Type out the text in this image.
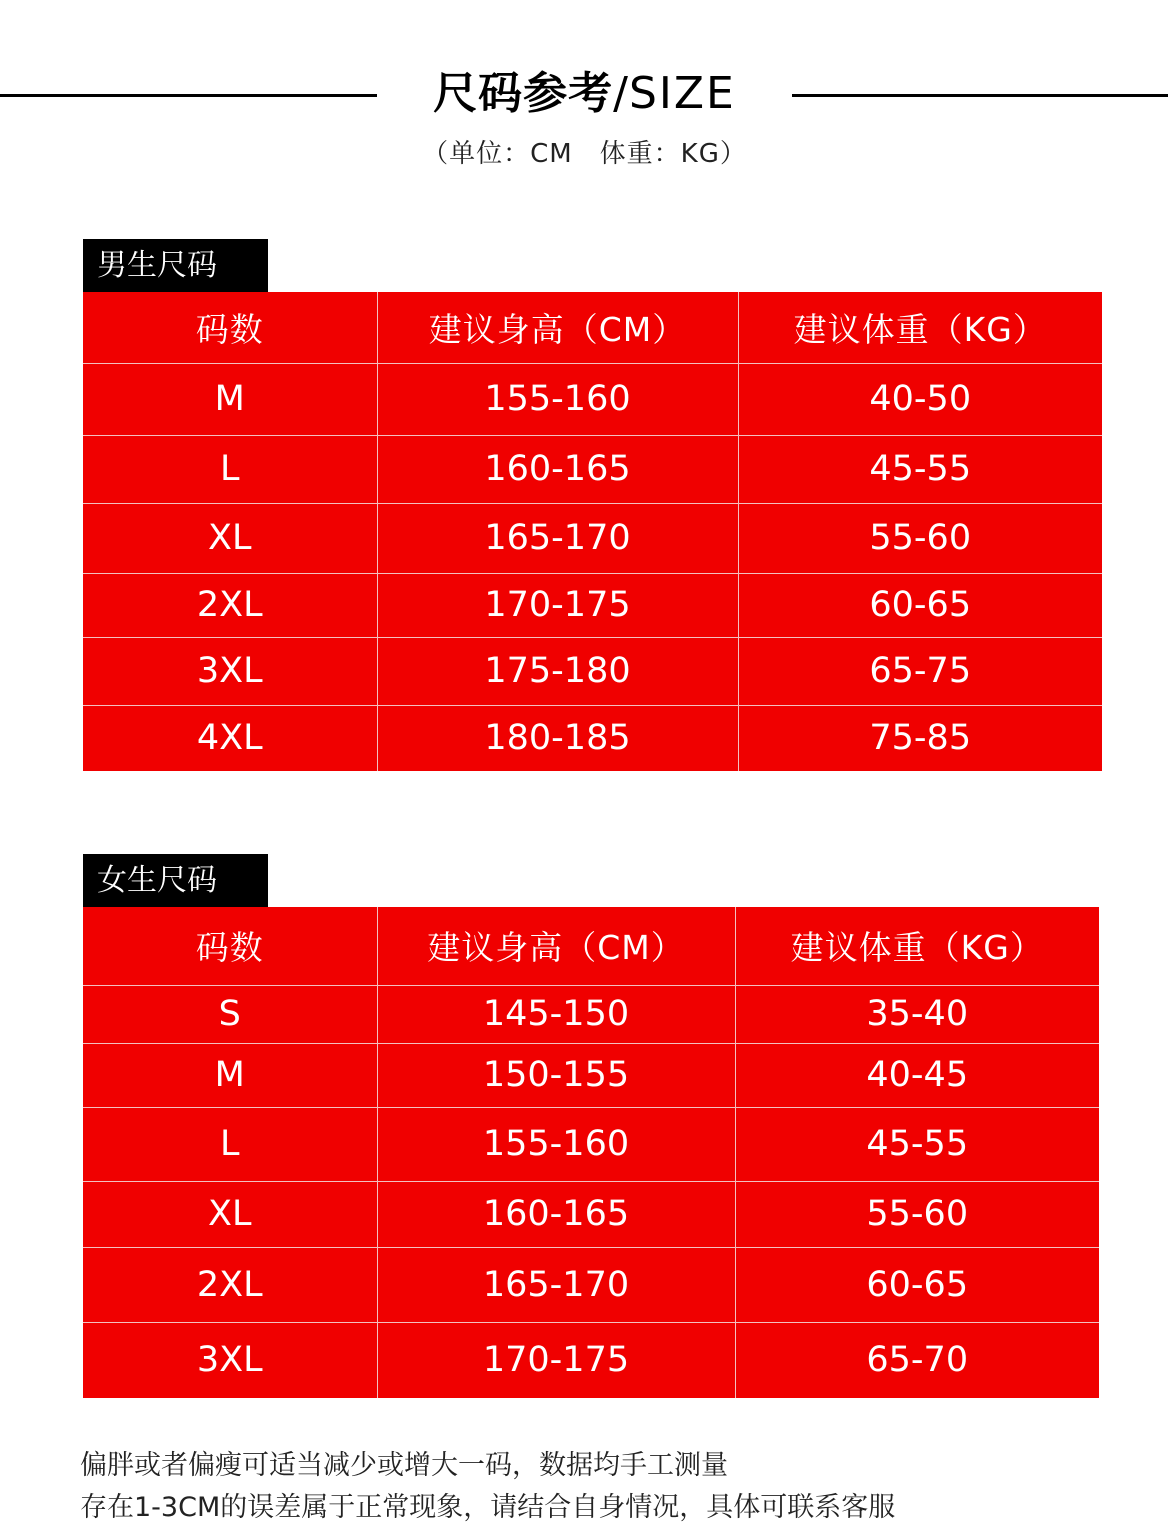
尺码参考/SIZE
（单位：CM　体重：KG）
男生尺码
码数	建议身高（CM）	建议体重（KG）
M	155-160	40-50
L	160-165	45-55
XL	165-170	55-60
2XL	170-175	60-65
3XL	175-180	65-75
4XL	180-185	75-85
女生尺码
码数	建议身高（CM）	建议体重（KG）
S	145-150	35-40
M	150-155	40-45
L	155-160	45-55
XL	160-165	55-60
2XL	165-170	60-65
3XL	170-175	65-70
偏胖或者偏瘦可适当减少或增大一码，数据均手工测量
存在1-3CM的误差属于正常现象，请结合自身情况，具体可联系客服
